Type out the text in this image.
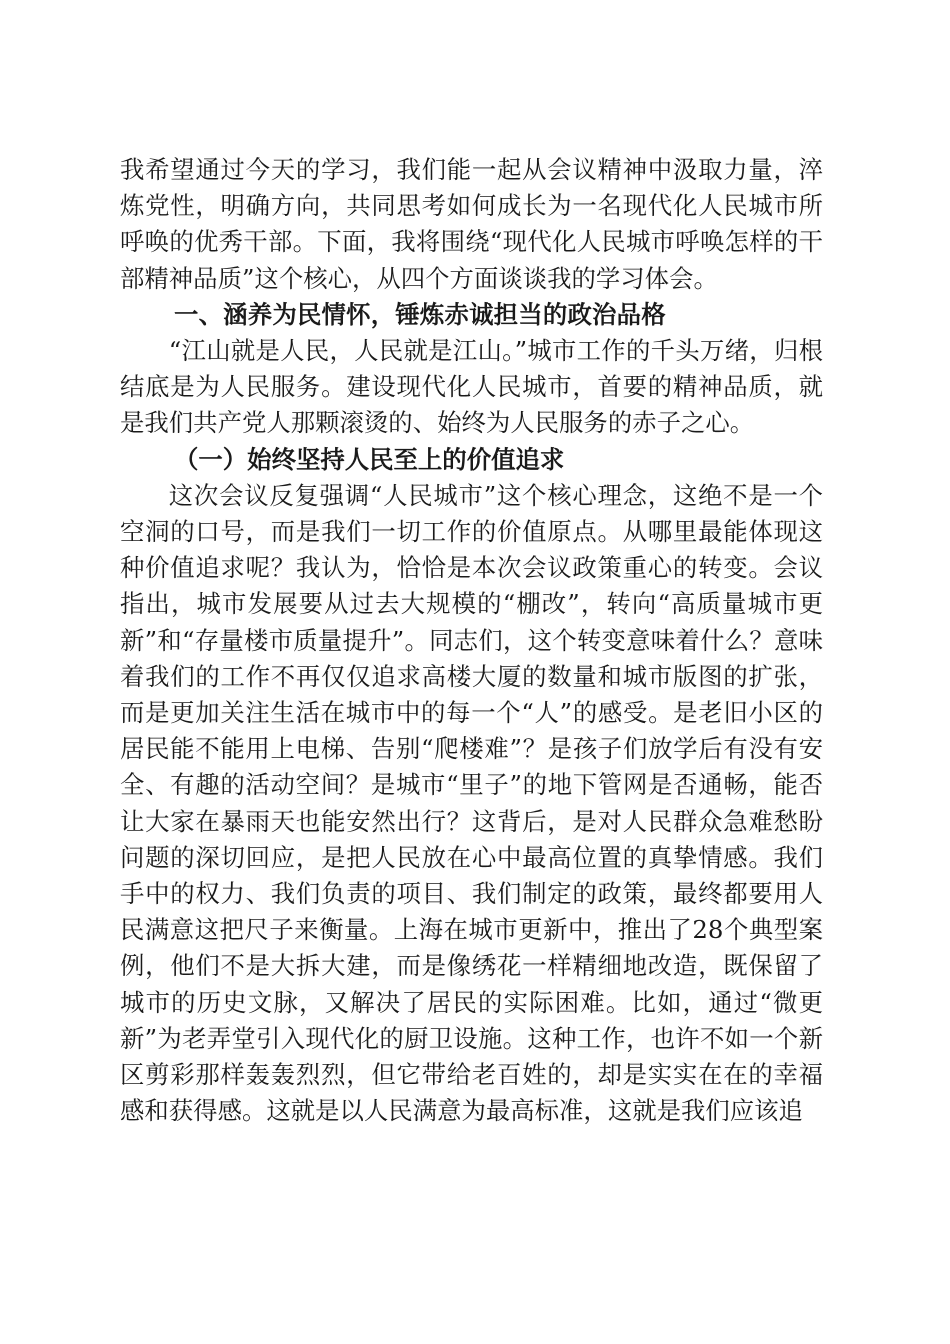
我希望通过今天的学习，我们能一起从会议精神中汲取力量，淬炼党性，明确方向，共同思考如何成长为一名现代化人民城市所呼唤的优秀干部。下面，我将围绕“现代化人民城市呼唤怎样的干部精神品质”这个核心，从四个方面谈谈我的学习体会。

一、涵养为民情怀，锤炼赤诚担当的政治品格

“江山就是人民，人民就是江山。”城市工作的千头万绪，归根结底是为人民服务。建设现代化人民城市，首要的精神品质，就是我们共产党人那颗滚烫的、始终为人民服务的赤子之心。

（一）始终坚持人民至上的价值追求

这次会议反复强调“人民城市”这个核心理念，这绝不是一个空洞的口号，而是我们一切工作的价值原点。从哪里最能体现这种价值追求呢？我认为，恰恰是本次会议政策重心的转变。会议指出，城市发展要从过去大规模的“棚改”，转向“高质量城市更新”和“存量楼市质量提升”。同志们，这个转变意味着什么？意味着我们的工作不再仅仅追求高楼大厦的数量和城市版图的扩张，而是更加关注生活在城市中的每一个“人”的感受。是老旧小区的居民能不能用上电梯、告别“爬楼难”？是孩子们放学后有没有安全、有趣的活动空间？是城市“里子”的地下管网是否通畅，能否让大家在暴雨天也能安然出行？这背后，是对人民群众急难愁盼问题的深切回应，是把人民放在心中最高位置的真挚情感。我们手中的权力、我们负责的项目、我们制定的政策，最终都要用人民满意这把尺子来衡量。上海在城市更新中，推出了28个典型案例，他们不是大拆大建，而是像绣花一样精细地改造，既保留了城市的历史文脉，又解决了居民的实际困难。比如，通过“微更新”为老弄堂引入现代化的厨卫设施。这种工作，也许不如一个新区剪彩那样轰轰烈烈，但它带给老百姓的，却是实实在在的幸福感和获得感。这就是以人民满意为最高标准，这就是我们应该追
